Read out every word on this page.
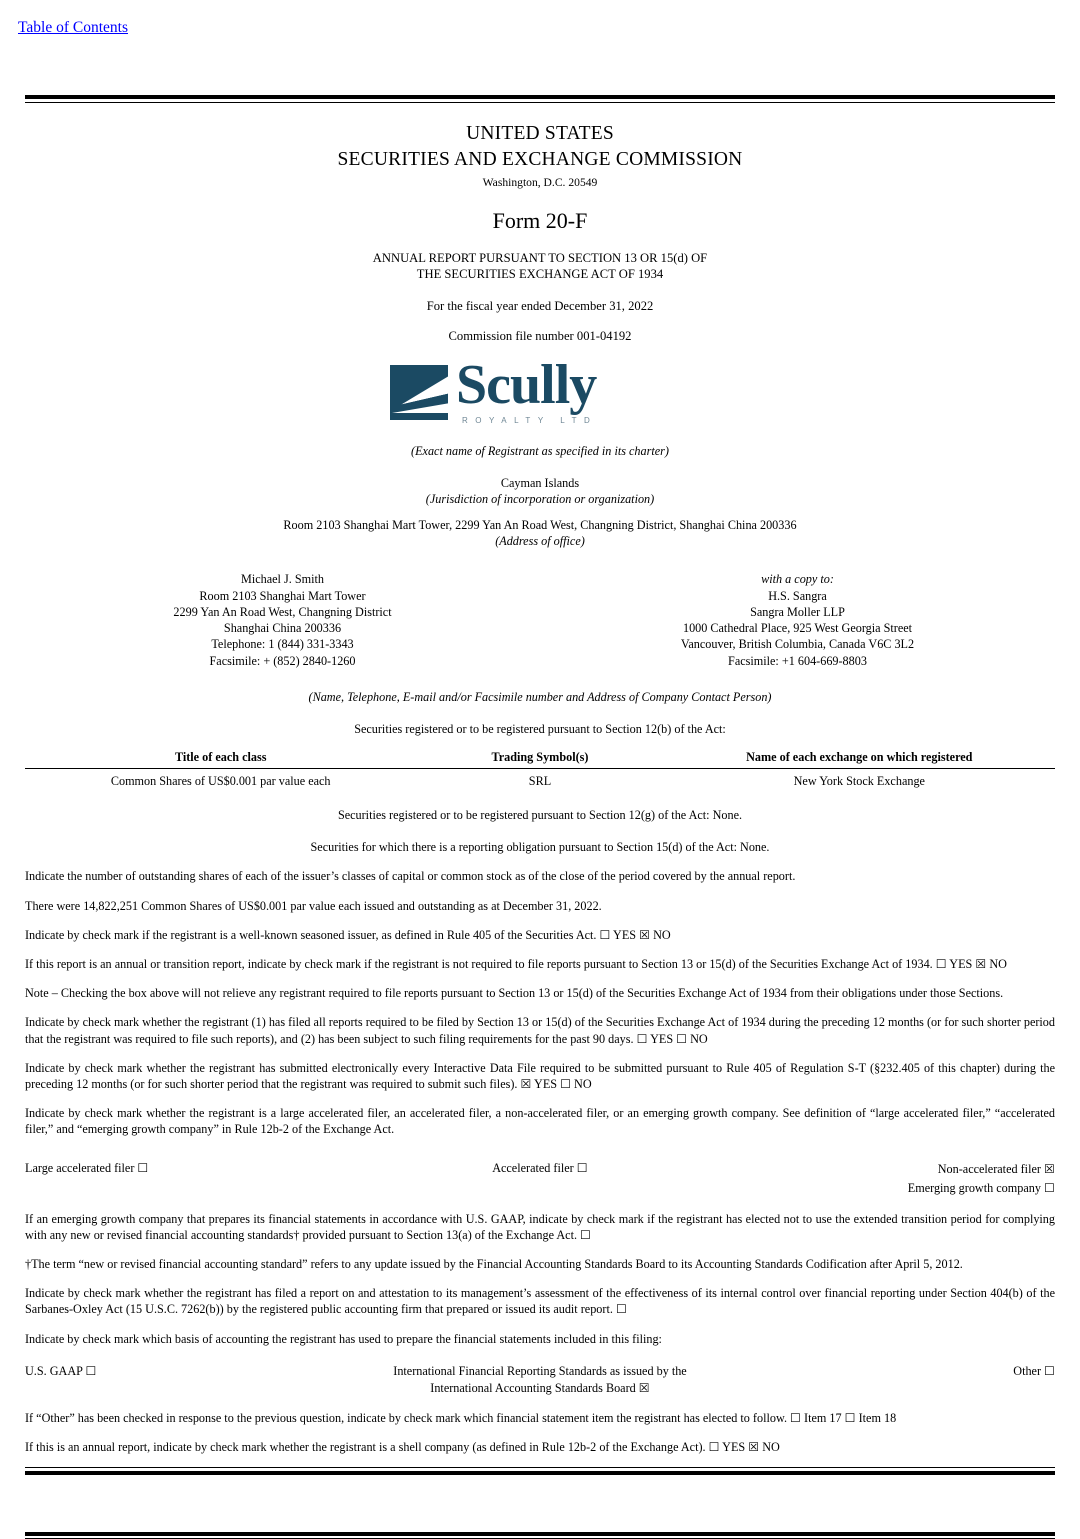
Table of Contents
UNITED STATES
SECURITIES AND EXCHANGE COMMISSION
Washington, D.C. 20549
Form 20-F
ANNUAL REPORT PURSUANT TO SECTION 13 OR 15(d) OF
THE SECURITIES EXCHANGE ACT OF 1934
For the fiscal year ended December 31, 2022
Commission file number 001-04192
Scully
ROYALTY LTD
(Exact name of Registrant as specified in its charter)
Cayman Islands
(Jurisdiction of incorporation or organization)
Room 2103 Shanghai Mart Tower, 2299 Yan An Road West, Changning District, Shanghai China 200336
(Address of office)
Michael J. Smith
Room 2103 Shanghai Mart Tower
2299 Yan An Road West, Changning District
Shanghai China 200336
Telephone: 1 (844) 331-3343
Facsimile: + (852) 2840-1260
with a copy to:
H.S. Sangra
Sangra Moller LLP
1000 Cathedral Place, 925 West Georgia Street
Vancouver, British Columbia, Canada V6C 3L2
Facsimile: +1 604-669-8803
(Name, Telephone, E-mail and/or Facsimile number and Address of Company Contact Person)
Securities registered or to be registered pursuant to Section 12(b) of the Act:
Title of each class	Trading Symbol(s)	Name of each exchange on which registered
Common Shares of US$0.001 par value each	SRL	New York Stock Exchange
Securities registered or to be registered pursuant to Section 12(g) of the Act: None.
Securities for which there is a reporting obligation pursuant to Section 15(d) of the Act: None.

Indicate the number of outstanding shares of each of the issuer’s classes of capital or common stock as of the close of the period covered by the annual report.

There were 14,822,251 Common Shares of US$0.001 par value each issued and outstanding as at December 31, 2022.

Indicate by check mark if the registrant is a well-known seasoned issuer, as defined in Rule 405 of the Securities Act. ☐ YES ☒ NO

If this report is an annual or transition report, indicate by check mark if the registrant is not required to file reports pursuant to Section 13 or 15(d) of the Securities Exchange Act of 1934. ☐ YES ☒ NO

Note – Checking the box above will not relieve any registrant required to file reports pursuant to Section 13 or 15(d) of the Securities Exchange Act of 1934 from their obligations under those Sections.

Indicate by check mark whether the registrant (1) has filed all reports required to be filed by Section 13 or 15(d) of the Securities Exchange Act of 1934 during the preceding 12 months (or for such shorter period that the registrant was required to file such reports), and (2) has been subject to such filing requirements for the past 90 days. ☐ YES ☐ NO

Indicate by check mark whether the registrant has submitted electronically every Interactive Data File required to be submitted pursuant to Rule 405 of Regulation S-T (§232.405 of this chapter) during the preceding 12 months (or for such shorter period that the registrant was required to submit such files). ☒ YES ☐ NO

Indicate by check mark whether the registrant is a large accelerated filer, an accelerated filer, a non-accelerated filer, or an emerging growth company. See definition of “large accelerated filer,” “accelerated filer,” and “emerging growth company” in Rule 12b-2 of the Exchange Act.

Large accelerated filer ☐	Accelerated filer ☐	Non-accelerated filer ☒
Emerging growth company ☐

If an emerging growth company that prepares its financial statements in accordance with U.S. GAAP, indicate by check mark if the registrant has elected not to use the extended transition period for complying with any new or revised financial accounting standards† provided pursuant to Section 13(a) of the Exchange Act. ☐

†The term “new or revised financial accounting standard” refers to any update issued by the Financial Accounting Standards Board to its Accounting Standards Codification after April 5, 2012.

Indicate by check mark whether the registrant has filed a report on and attestation to its management’s assessment of the effectiveness of its internal control over financial reporting under Section 404(b) of the Sarbanes-Oxley Act (15 U.S.C. 7262(b)) by the registered public accounting firm that prepared or issued its audit report. ☐

Indicate by check mark which basis of accounting the registrant has used to prepare the financial statements included in this filing:

U.S. GAAP ☐	International Financial Reporting Standards as issued by the
International Accounting Standards Board ☒
Other ☐

If “Other” has been checked in response to the previous question, indicate by check mark which financial statement item the registrant has elected to follow. ☐ Item 17 ☐ Item 18

If this is an annual report, indicate by check mark whether the registrant is a shell company (as defined in Rule 12b-2 of the Exchange Act). ☐ YES ☒ NO
